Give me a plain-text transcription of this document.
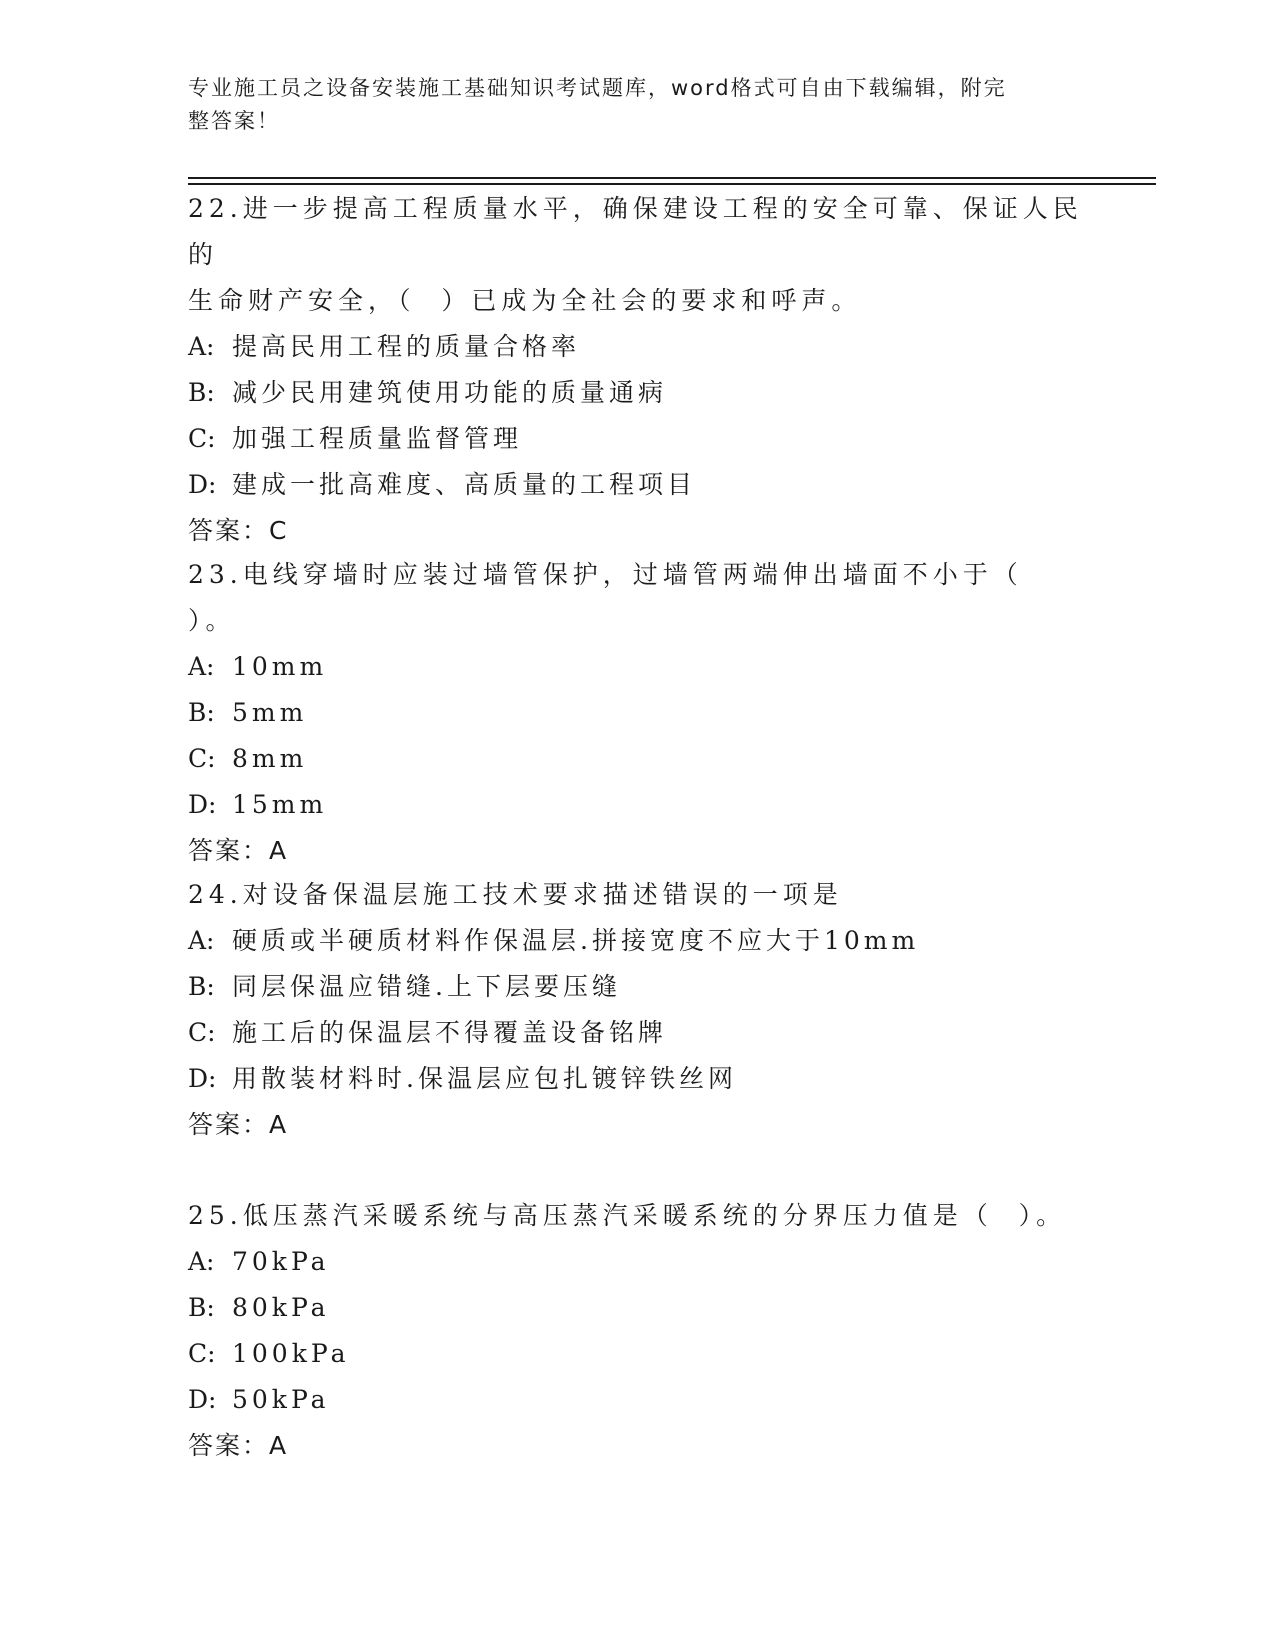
专业施工员之设备安装施工基础知识考试题库，word格式可自由下载编辑，附完
整答案！
22.进一步提高工程质量水平，确保建设工程的安全可靠、保证人民的
生命财产安全，（  ）已成为全社会的要求和呼声。
A: 提高民用工程的质量合格率
B: 减少民用建筑使用功能的质量通病
C: 加强工程质量监督管理
D: 建成一批高难度、高质量的工程项目
答案：C
23.电线穿墙时应装过墙管保护，过墙管两端伸出墙面不小于（  ）。
A: 10mm
B: 5mm
C: 8mm
D: 15mm
答案：A
24.对设备保温层施工技术要求描述错误的一项是
A: 硬质或半硬质材料作保温层.拼接宽度不应大于10mm
B: 同层保温应错缝.上下层要压缝
C: 施工后的保温层不得覆盖设备铭牌
D: 用散装材料时.保温层应包扎镀锌铁丝网
答案：A
25.低压蒸汽采暖系统与高压蒸汽采暖系统的分界压力值是（  ）。
A: 70kPa
B: 80kPa
C: 100kPa
D: 50kPa
答案：A
